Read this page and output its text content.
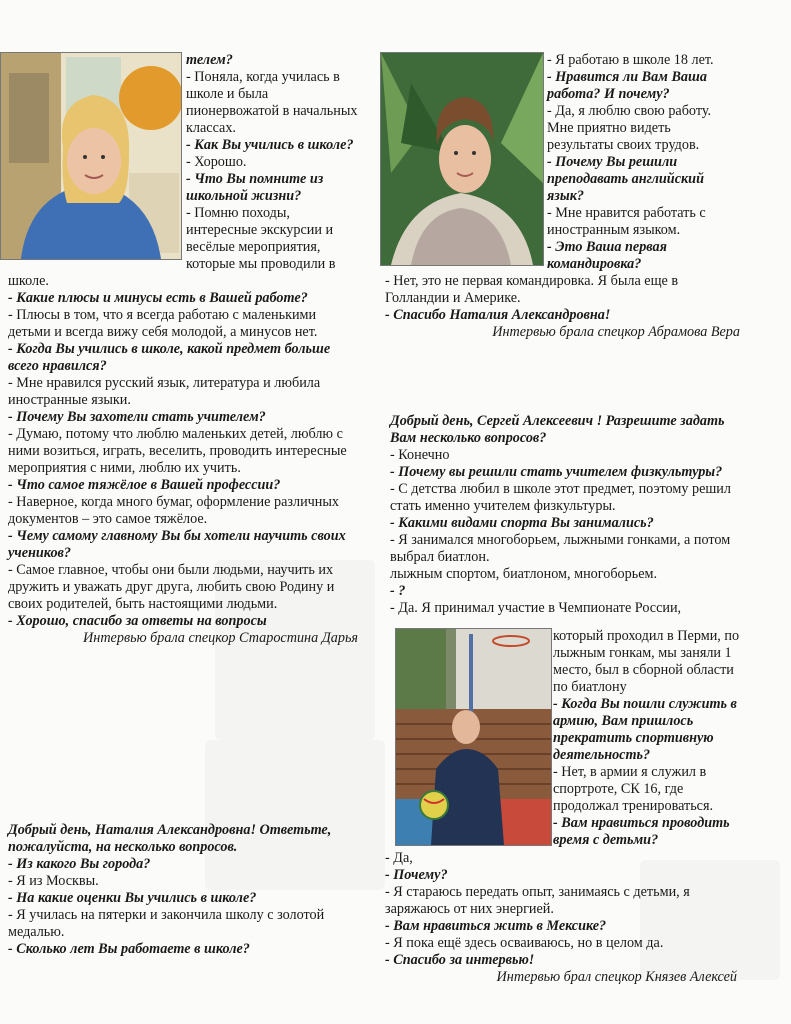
телем?

- Поняла, когда училась в школе и была пионервожатой в начальных классах.

- Как Вы учились в школе?

- Хорошо.

- Что Вы помните из школьной жизни?

- Помню походы, интересные экскурсии и весёлые мероприятия, которые мы проводили в школе.

- Какие плюсы и минусы есть в Вашей работе?

- Плюсы в том, что я всегда работаю с маленькими детьми и всегда вижу себя молодой, а минусов нет.

- Когда Вы учились в школе, какой предмет больше всего нравился?

- Мне нравился русский язык, литература и любила иностранные языки.

- Почему Вы захотели стать учителем?

- Думаю, потому что люблю маленьких детей, люблю с ними возиться, играть, веселить, проводить интересные мероприятия с ними, люблю их учить.

- Что самое тяжёлое в Вашей профессии?

- Наверное, когда много бумаг, оформление различных документов – это самое тяжёлое.

- Чему самому главному Вы бы хотели научить своих учеников?

- Самое главное, чтобы они были людьми, научить их дружить и уважать друг друга, любить свою Родину и своих родителей, быть настоящими людьми.

- Хорошо, спасибо за ответы на вопросы

Интервью брала спецкор Старостина Дарья

Добрый день, Наталия Александровна! Ответьте, пожалуйста, на несколько вопросов.

- Из какого Вы города?

- Я из Москвы.

- На какие оценки Вы учились в школе?

- Я училась на пятерки и закончила школу с золотой медалью.

- Сколько лет Вы работаете в школе?

- Я работаю в школе 18 лет.

- Нравится ли Вам Ваша работа? И почему?

- Да, я люблю свою работу. Мне приятно видеть результаты своих трудов.

- Почему Вы решили преподавать английский язык?

- Мне нравится работать с иностранным языком.

- Это Ваша первая командировка?

- Нет, это не первая командировка. Я была еще в Голландии и Америке.

- Спасибо Наталия Александровна!

Интервью брала спецкор Абрамова Вера

Добрый день, Сергей Алексеевич ! Разрешите задать Вам несколько вопросов?

- Конечно

- Почему вы решили стать учителем физкультуры?

- С детства любил в школе этот предмет, поэтому решил стать именно учителем физкультуры.

- Какими видами спорта Вы занимались?

- Я занимался многоборьем, лыжными гонками, а потом выбрал биатлон.

лыжным спортом, биатлоном, многоборьем.

- ?

- Да. Я принимал участие в Чемпионате России,

который проходил в Перми, по лыжным гонкам, мы заняли 1 место, был в сборной области по биатлону

- Когда Вы пошли служить в армию, Вам пришлось прекратить спортивную деятельность?

- Нет, в армии я служил в спортроте, СК 16, где продолжал тренироваться.

- Вам нравиться проводить время с детьми?

- Да,

- Почему?

- Я стараюсь передать опыт, занимаясь с детьми, я заряжаюсь от них энергией.

- Вам нравиться жить в Мексике?

- Я пока ещё здесь осваиваюсь, но в целом да.

- Спасибо за интервью!

Интервью брал спецкор Князев Алексей
